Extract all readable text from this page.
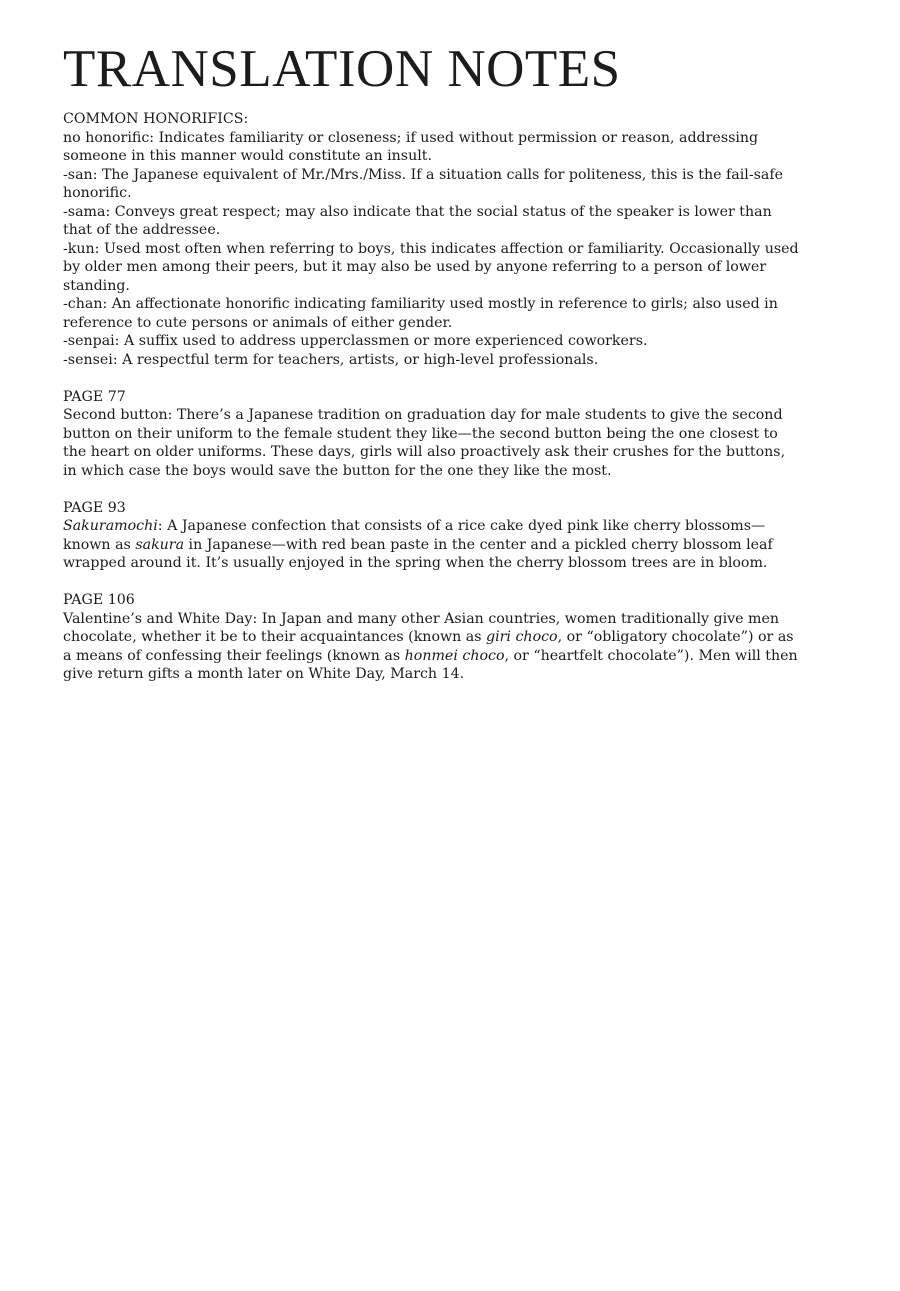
TRANSLATION NOTES

COMMON HONORIFICS:

no honorific: Indicates familiarity or closeness; if used without permission or reason, addressing someone in this manner would constitute an insult.

-san: The Japanese equivalent of Mr./Mrs./Miss. If a situation calls for politeness, this is the fail-safe honorific.

-sama: Conveys great respect; may also indicate that the social status of the speaker is lower than that of the addressee.

-kun: Used most often when referring to boys, this indicates affection or familiarity. Occasionally used by older men among their peers, but it may also be used by anyone referring to a person of lower standing.

-chan: An affectionate honorific indicating familiarity used mostly in reference to girls; also used in reference to cute persons or animals of either gender.

-senpai: A suffix used to address upperclassmen or more experienced coworkers.

-sensei: A respectful term for teachers, artists, or high-level professionals.

PAGE 77

Second button: There’s a Japanese tradition on graduation day for male students to give the second button on their uniform to the female student they like—the second button being the one closest to the heart on older uniforms. These days, girls will also proactively ask their crushes for the buttons, in which case the boys would save the button for the one they like the most.

PAGE 93

Sakuramochi: A Japanese confection that consists of a rice cake dyed pink like cherry blossoms—known as sakura in Japanese—with red bean paste in the center and a pickled cherry blossom leaf wrapped around it. It’s usually enjoyed in the spring when the cherry blossom trees are in bloom.

PAGE 106

Valentine’s and White Day: In Japan and many other Asian countries, women traditionally give men chocolate, whether it be to their acquaintances (known as giri choco, or “obligatory chocolate”) or as a means of confessing their feelings (known as honmei choco, or “heartfelt chocolate”). Men will then give return gifts a month later on White Day, March 14.
